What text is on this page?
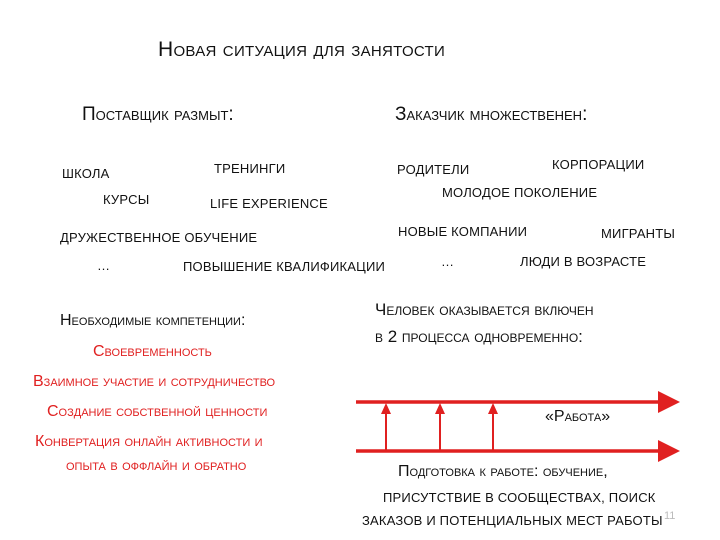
Новая ситуация для занятости
Поставщик размыт:
ШКОЛА	ТРЕНИНГИ
КУРСЫ	LIFE EXPERIENCE
ДРУЖЕСТВЕННОЕ ОБУЧЕНИЕ
…	ПОВЫШЕНИЕ КВАЛИФИКАЦИИ
Заказчик множественен:
РОДИТЕЛИ	КОРПОРАЦИИ
МОЛОДОЕ ПОКОЛЕНИЕ
НОВЫЕ КОМПАНИИ	МИГРАНТЫ
…	ЛЮДИ В ВОЗРАСТЕ
Необходимые компетенции:
Своевременность
Взаимное участие и сотрудничество
Создание собственной ценности
Конвертация онлайн активности и
опыта в оффлайн и обратно
Человек оказывается включен
в 2 процесса одновременно:
«Работа»
Подготовка к работе: обучение,
ПРИСУТСТВИЕ В СООБЩЕСТВАХ, ПОИСК
ЗАКАЗОВ И ПОТЕНЦИАЛЬНЫХ МЕСТ РАБОТЫ 11
